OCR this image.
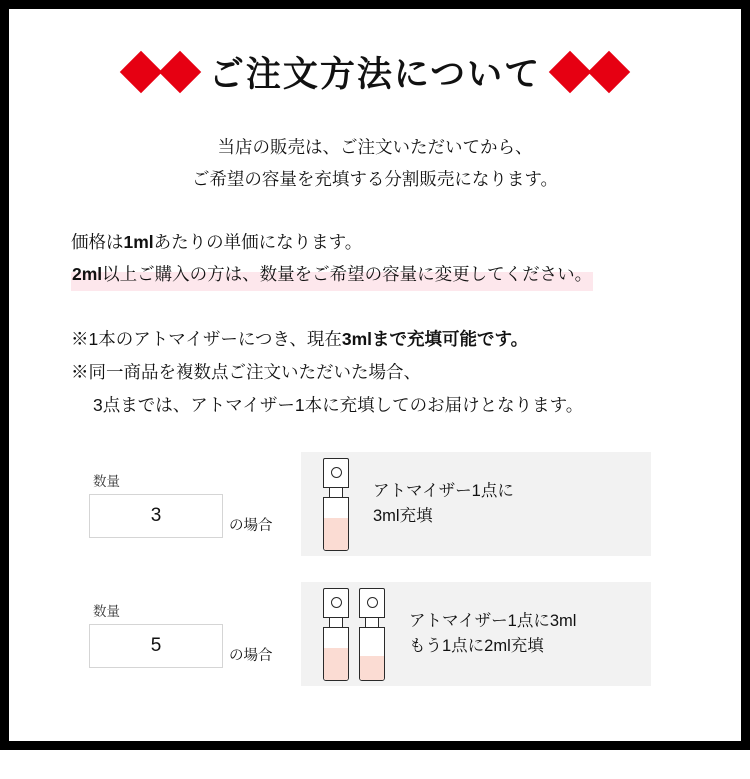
ご注文方法について
当店の販売は、ご注文いただいてから、
ご希望の容量を充填する分割販売になります。
価格は1mlあたりの単価になります。
2ml以上ご購入の方は、数量をご希望の容量に変更してください。
※1本のアトマイザーにつき、現在3mlまで充填可能です。
※同一商品を複数点ご注文いただいた場合、
3点までは、アトマイザー1本に充填してのお届けとなります。
数量
3	の場合
アトマイザー1点に
3ml充填
数量
5	の場合
アトマイザー1点に3ml
もう1点に2ml充填
